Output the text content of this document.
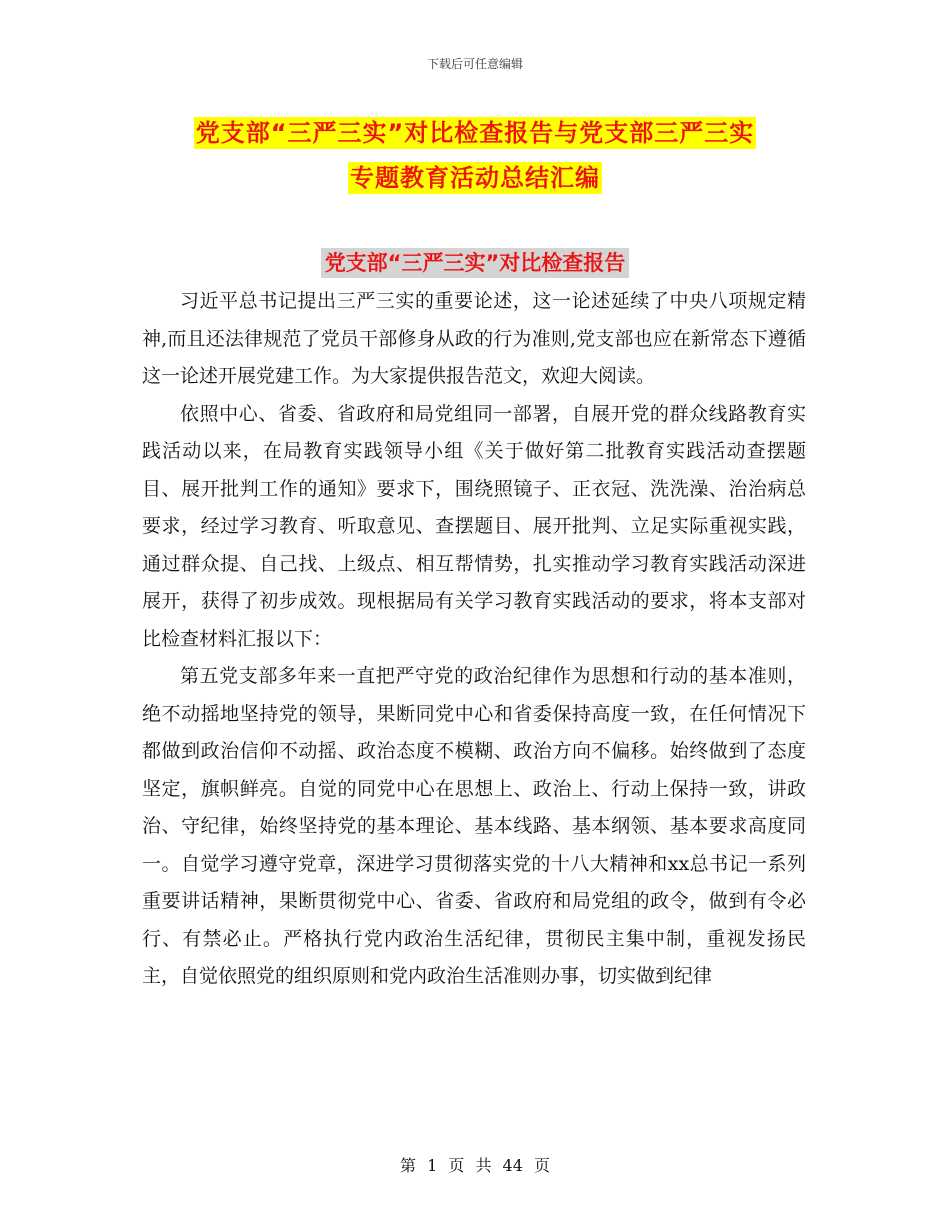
下载后可任意编辑
党支部“三严三实”对比检查报告与党支部三严三实
专题教育活动总结汇编
党支部“三严三实”对比检查报告

习近平总书记提出三严三实的重要论述，这一论述延续了中央八项规定精神,而且还法律规范了党员干部修身从政的行为准则,党支部也应在新常态下遵循这一论述开展党建工作。为大家提供报告范文，欢迎大阅读。

依照中心、省委、省政府和局党组同一部署，自展开党的群众线路教育实践活动以来，在局教育实践领导小组《关于做好第二批教育实践活动查摆题目、展开批判工作的通知》要求下，围绕照镜子、正衣冠、洗洗澡、治治病总要求，经过学习教育、听取意见、查摆题目、展开批判、立足实际重视实践，通过群众提、自己找、上级点、相互帮情势，扎实推动学习教育实践活动深进展开，获得了初步成效。现根据局有关学习教育实践活动的要求，将本支部对比检查材料汇报以下：

第五党支部多年来一直把严守党的政治纪律作为思想和行动的基本准则，绝不动摇地坚持党的领导，果断同党中心和省委保持高度一致，在任何情况下都做到政治信仰不动摇、政治态度不模糊、政治方向不偏移。始终做到了态度坚定，旗帜鲜亮。自觉的同党中心在思想上、政治上、行动上保持一致，讲政治、守纪律，始终坚持党的基本理论、基本线路、基本纲领、基本要求高度同一。自觉学习遵守党章，深进学习贯彻落实党的十八大精神和xx总书记一系列重要讲话精神，果断贯彻党中心、省委、省政府和局党组的政令，做到有令必行、有禁必止。严格执行党内政治生活纪律，贯彻民主集中制，重视发扬民主，自觉依照党的组织原则和党内政治生活准则办事，切实做到纪律

第 1 页 共 44 页
